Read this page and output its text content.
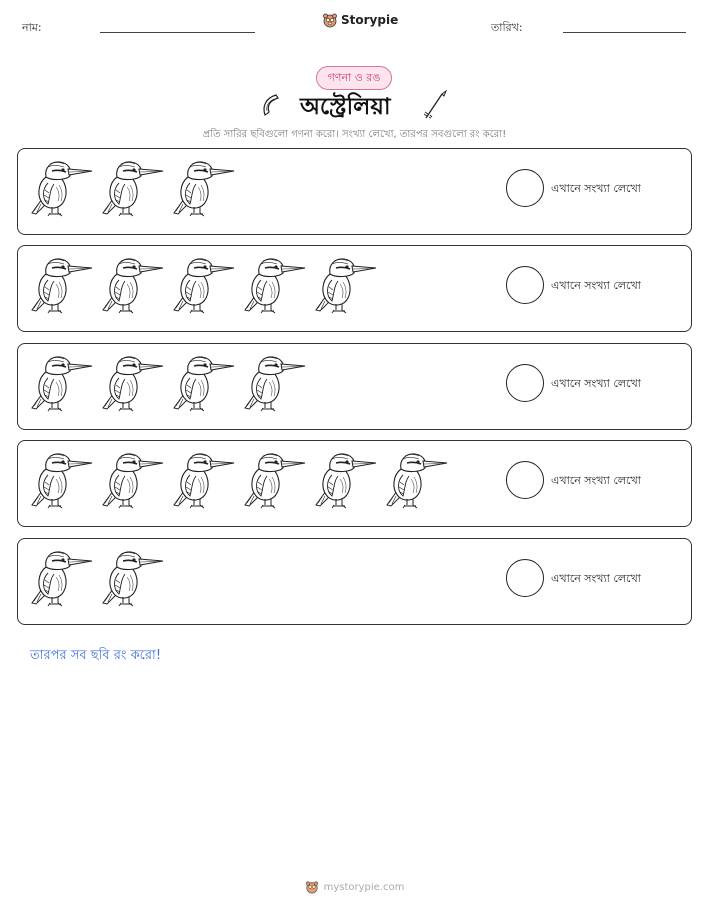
নাম:
Storypie
তারিখ:
গণনা ও রঙ
অস্ট্রেলিয়া
প্রতি সারির ছবিগুলো গণনা করো। সংখ্যা লেখো, তারপর সবগুলো রং করো!
এখানে সংখ্যা লেখো
এখানে সংখ্যা লেখো
এখানে সংখ্যা লেখো
এখানে সংখ্যা লেখো
এখানে সংখ্যা লেখো
তারপর সব ছবি রং করো!
mystorypie.com
